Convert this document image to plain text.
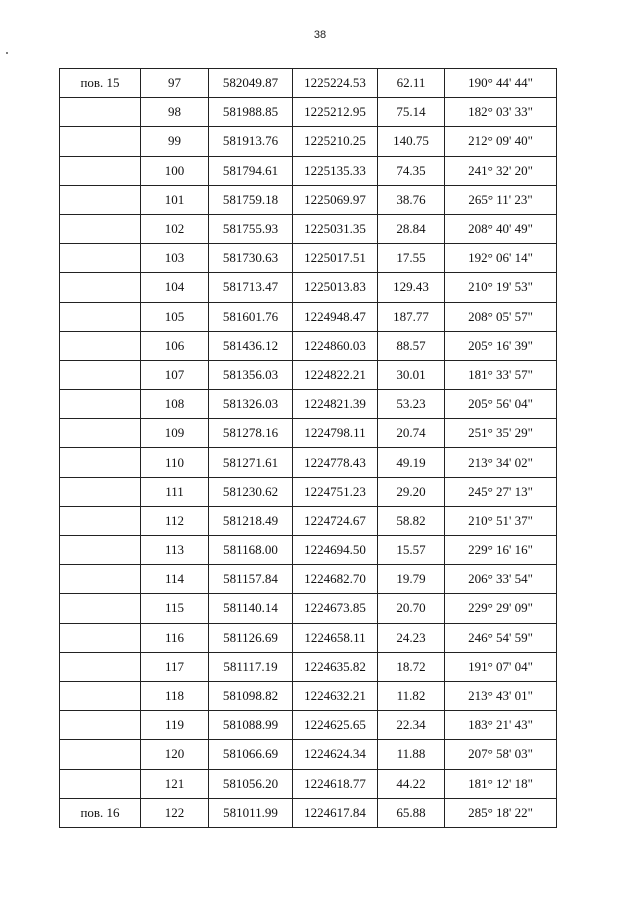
38
пов. 15	97	582049.87	1225224.53	62.11	190° 44' 44"
	98	581988.85	1225212.95	75.14	182° 03' 33"
	99	581913.76	1225210.25	140.75	212° 09' 40"
	100	581794.61	1225135.33	74.35	241° 32' 20"
	101	581759.18	1225069.97	38.76	265° 11' 23"
	102	581755.93	1225031.35	28.84	208° 40' 49"
	103	581730.63	1225017.51	17.55	192° 06' 14"
	104	581713.47	1225013.83	129.43	210° 19' 53"
	105	581601.76	1224948.47	187.77	208° 05' 57"
	106	581436.12	1224860.03	88.57	205° 16' 39"
	107	581356.03	1224822.21	30.01	181° 33' 57"
	108	581326.03	1224821.39	53.23	205° 56' 04"
	109	581278.16	1224798.11	20.74	251° 35' 29"
	110	581271.61	1224778.43	49.19	213° 34' 02"
	111	581230.62	1224751.23	29.20	245° 27' 13"
	112	581218.49	1224724.67	58.82	210° 51' 37"
	113	581168.00	1224694.50	15.57	229° 16' 16"
	114	581157.84	1224682.70	19.79	206° 33' 54"
	115	581140.14	1224673.85	20.70	229° 29' 09"
	116	581126.69	1224658.11	24.23	246° 54' 59"
	117	581117.19	1224635.82	18.72	191° 07' 04"
	118	581098.82	1224632.21	11.82	213° 43' 01"
	119	581088.99	1224625.65	22.34	183° 21' 43"
	120	581066.69	1224624.34	11.88	207° 58' 03"
	121	581056.20	1224618.77	44.22	181° 12' 18"
пов. 16	122	581011.99	1224617.84	65.88	285° 18' 22"
